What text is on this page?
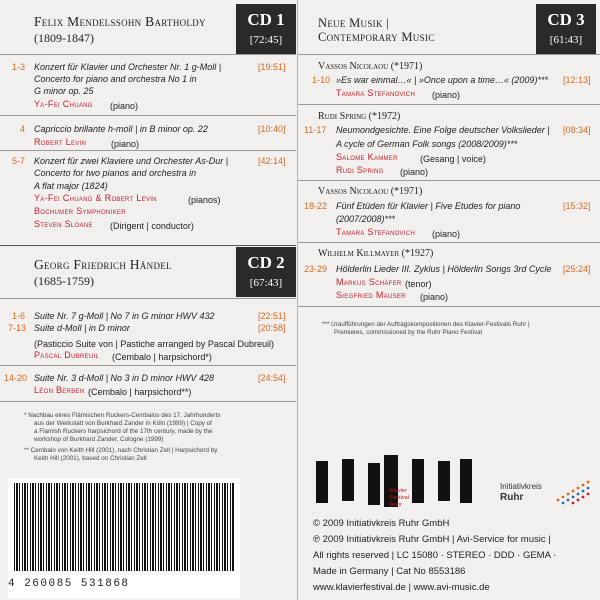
Felix Mendelssohn Bartholdy
(1809-1847)
CD 1
[72:45]
1-3 Konzert für Klavier und Orchester Nr. 1 g-Moll |
Concerto for piano and orchestra No 1 in
G minor op. 25
[19:51]
Ya-Fei Chuang (piano)
4 Capriccio brillante h-moll | in B minor op. 22	[10:40]
Robert Levin	(piano)
5-7 Konzert für zwei Klaviere und Orchester As-Dur |
Concerto for two pianos and orchestra in
A flat major (1824)
[42:14]
Ya-Fei Chuang & Robert Levin	(pianos)
Bochumer Symphoniker
Steven Sloane (Dirigent | conductor)
Georg Friedrich Händel
(1685-1759)
CD 2
[67:43]
1-6 Suite Nr. 7 g-Moll | No 7 in G minor HWV 432	[22:51]
7-13 Suite d-Moll | in D minor	[20:58]
(Pasticcio Suite von | Pastiche arranged by Pascal Dubreuil)
Pascal Dubreuil (Cembalo | harpsichord*)
14-20 Suite Nr. 3 d-Moll | No 3 in D minor HWV 428	[24:54]
Léon Berben (Cembalo | harpsichord**)
* Nachbau eines Flämischen Ruckers-Cembalos des 17. Jahrhunderts
aus der Werkstatt von Burkhard Zander in Köln (1999) | Copy of
a Flamish Ruckers harpsichord of the 17th century, made by the
workshop of Burkhard Zander, Cologne (1999)
** Cembalo von Keith Hill (2001), nach Christian Zell | Harpsichord by
Keith Hill (2001), based on Christian Zell
4 260085 531868
Neue Musik |
Contemporary Music
CD 3
[61:43]
Vassos Nicolaou (*1971)
1-10 »Es war einmal…« | »Once upon a time…« (2009)*** [12:13]
Tamara Stefanovich (piano)
Rudi Spring (*1972)
11-17 Neumondgesichte. Eine Folge deutscher Volkslieder |
A cycle of German Folk songs (2008/2009)***
[08:34]
Salome Kammer (Gesang | voice)
Rudi Spring (piano)
Vassos Nicolaou (*1971)
18-22 Fünf Etüden für Klavier | Five Etudes for piano
(2007/2008)***
[15:32]
Tamara Stefanovich (piano)
Wilhelm Killmayer (*1927)
23-29 Hölderlin Lieder III. Zyklus | Hölderlin Songs 3rd Cycle [25:24]
Markus Schäfer (tenor)
Siegfried Mauser (piano)
*** Uraufführungen der Auftragskompositionen des Klavier-Festivals Ruhr |
Premieres, commissioned by the Ruhr Piano Festival
Klavier
Festival
Ruhr
Initiativkreis
Ruhr
© 2009 Initiativkreis Ruhr GmbH
℗ 2009 Initiativkreis Ruhr GmbH | Avi-Service for music |
All rights reserved | LC 15080 · STEREO · DDD · GEMA ·
Made in Germany | Cat No 8553186
www.klavierfestival.de | www.avi-music.de
